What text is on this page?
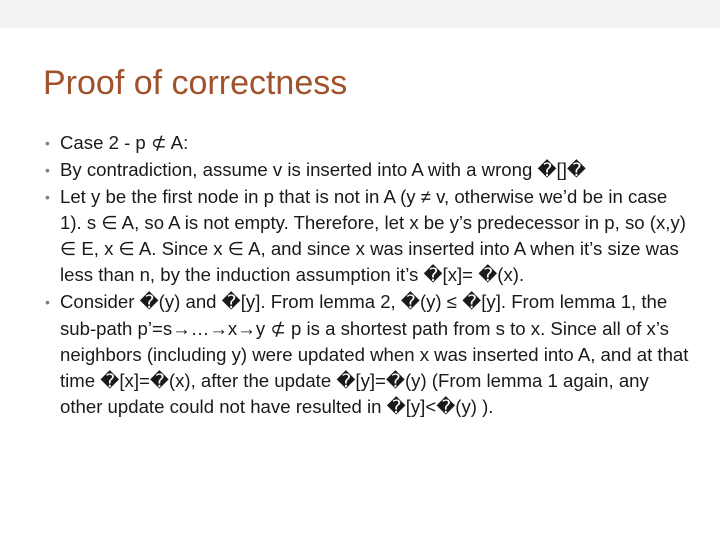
Proof of correctness
• Case 2 - p ⊄ A:
• By contradiction, assume v is inserted into A with a wrong �[]�
• Let y be the first node in p that is not in A (y ≠ v, otherwise we’d be in case 1). s ∈ A, so A is not empty. Therefore, let x be y’s predecessor in p, so (x,y) ∈ E, x ∈ A. Since x ∈ A, and since x was inserted into A when it’s size was less than n, by the induction assumption it’s �[x]= �(x).
• Consider �(y) and �[y]. From lemma 2, �(y) ≤ �[y]. From lemma 1, the sub-path p’=s→…→x→y ⊄ p is a shortest path from s to x. Since all of x’s neighbors (including y) were updated when x was inserted into A, and at that time �[x]=�(x), after the update �[y]=�(y) (From lemma 1 again, any other update could not have resulted in �[y]<�(y) ).
